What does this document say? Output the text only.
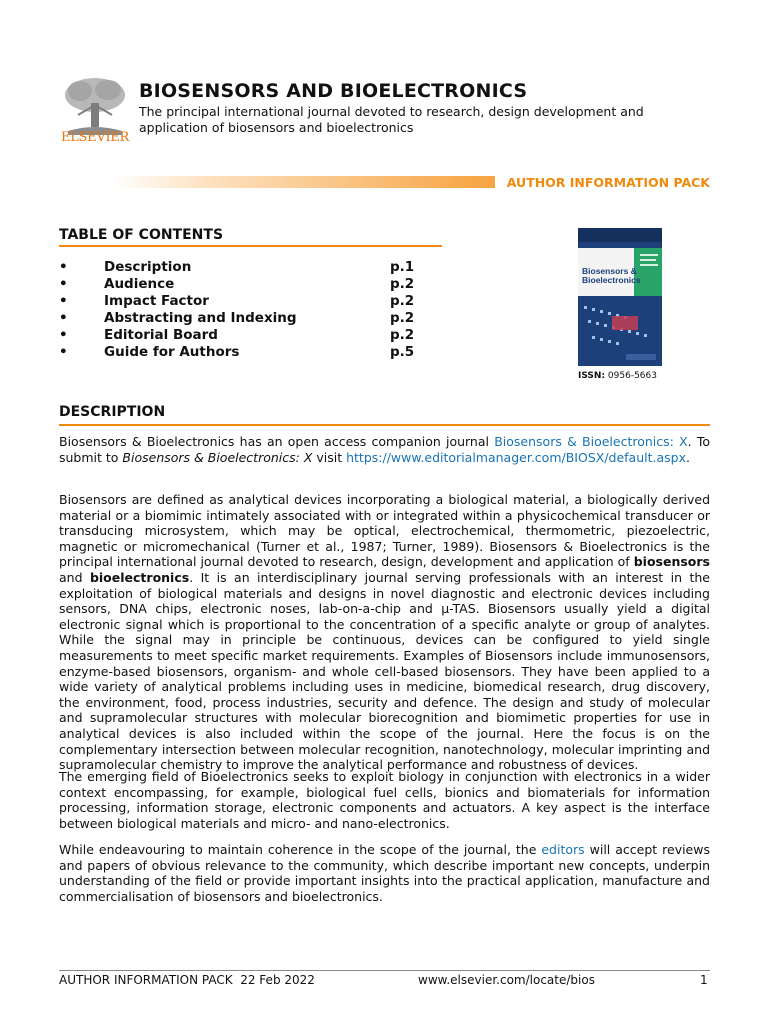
ELSEVIER
BIOSENSORS AND BIOELECTRONICS
The principal international journal devoted to research, design development and application of biosensors and bioelectronics
AUTHOR INFORMATION PACK
TABLE OF CONTENTS
•	Description	p.1
•	Audience	p.2
•	Impact Factor	p.2
•	Abstracting and Indexing	p.2
•	Editorial Board	p.2
•	Guide for Authors	p.5
Biosensors &
Bioelectronics
ISSN: 0956-5663
DESCRIPTION
Biosensors & Bioelectronics has an open access companion journal Biosensors & Bioelectronics: X. To submit to Biosensors & Bioelectronics: X visit https://www.editorialmanager.com/BIOSX/default.aspx.
Biosensors are defined as analytical devices incorporating a biological material, a biologically derived material or a biomimic intimately associated with or integrated within a physicochemical transducer or transducing microsystem, which may be optical, electrochemical, thermometric, piezoelectric, magnetic or micromechanical (Turner et al., 1987; Turner, 1989). Biosensors & Bioelectronics is the principal international journal devoted to research, design, development and application of biosensors and bioelectronics. It is an interdisciplinary journal serving professionals with an interest in the exploitation of biological materials and designs in novel diagnostic and electronic devices including sensors, DNA chips, electronic noses, lab-on-a-chip and µ-TAS. Biosensors usually yield a digital electronic signal which is proportional to the concentration of a specific analyte or group of analytes. While the signal may in principle be continuous, devices can be configured to yield single measurements to meet specific market requirements. Examples of Biosensors include immunosensors, enzyme-based biosensors, organism- and whole cell-based biosensors. They have been applied to a wide variety of analytical problems including uses in medicine, biomedical research, drug discovery, the environment, food, process industries, security and defence. The design and study of molecular and supramolecular structures with molecular biorecognition and biomimetic properties for use in analytical devices is also included within the scope of the journal. Here the focus is on the complementary intersection between molecular recognition, nanotechnology, molecular imprinting and supramolecular chemistry to improve the analytical performance and robustness of devices.
The emerging field of Bioelectronics seeks to exploit biology in conjunction with electronics in a wider context encompassing, for example, biological fuel cells, bionics and biomaterials for information processing, information storage, electronic components and actuators. A key aspect is the interface between biological materials and micro- and nano-electronics.
While endeavouring to maintain coherence in the scope of the journal, the editors will accept reviews and papers of obvious relevance to the community, which describe important new concepts, underpin understanding of the field or provide important insights into the practical application, manufacture and commercialisation of biosensors and bioelectronics.
AUTHOR INFORMATION PACK  22 Feb 2022	www.elsevier.com/locate/bios	1
